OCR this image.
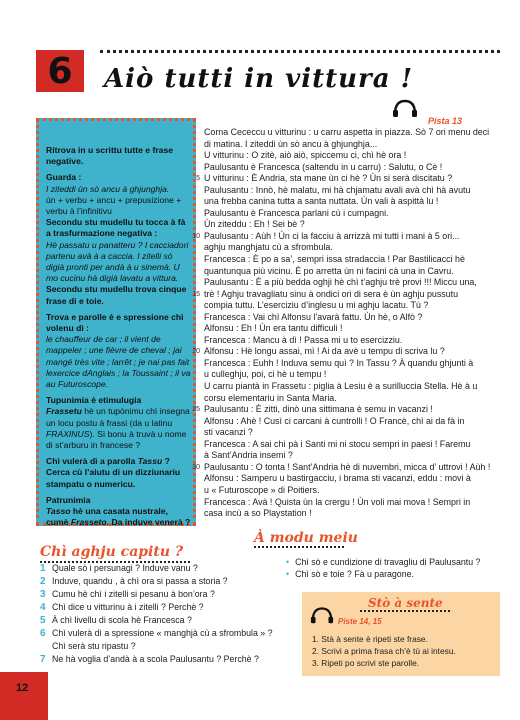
6	Aiò tutti in vittura !
Pista 13

Ritrova in u scrittu tutte e frase negative.

Guarda :
I ziteddi ùn sò ancu à ghjunghja.
ùn + verbu + ancu + prepusizione + verbu à l’infinitivu
Secondu stu mudellu tu tocca à fà a trasfurmazione negativa :
Hè passatu u panatteru ? I cacciadori partenu avà à a caccia. I zitelli sò digià pronti per andà à u sinemà. U mo cucinu hà digià lavatu a vittura.
Secondu stu mudellu trova cinque frase di e toie.

Trova e parolle è e spressione chì volenu dì :
le chauffeur de car ; il vient de mappeler ; une fièvre de cheval ; jai mangé très vite ; larrêt ; je nai pas fait lexercice dAnglais ; la Toussaint ; il va au Futuroscope.

Tupunimia è etimulugia
Frassetu hè un tupònimu chì insegna un locu postu à frassi (da u latinu FRAXINUS). Sì bonu à truvà u nome di st’arburu in francese ?

Chì vulerà dì a parolla Tassu ? Cerca cù l’aiutu di un dizziunariu stampatu o numericu.

Patrunimia
Tasso hè una casata nustrale, cumè Frasseto. Da induve venerà ?

Corna Cececcu u vitturinu : u carru aspetta in piazza. Sò 7 ori menu deci
di matina. I ziteddi ùn sò ancu à ghjunghja...
U vitturinu : O zitè, aiò aiò, spiccemu ci, chì hè ora !
Paulusantu è Francesca (saltendu in u carru) : Salutu, o Cè !
5 U vitturinu : È Andria, sta mane ùn ci hè ? Ùn si serà discitatu ?
Paulusantu : Innò, hè malatu, mi hà chjamatu avali avà chì hà avutu
una frebba canina tutta a santa nuttata. Ùn vali à aspittà lu !
Paulusantu è Francesca parlani cù i cumpagni.
Ùn ziteddu : Eh ! Sei bè ?
10 Paulusantu : Aùh ! Ùn ci la facciu à arrizzà mi tutti i mani à 5 ori...
aghju manghjatu cù a sfrombula.
Francesca : È po a sa’, sempri issa stradaccia ! Par Bastilicacci hè
quantunqua più vicinu. È po arretta ùn ni facini cà una in Cavru.
Paulusantu : È a più bedda oghji hè chì t’aghju trè provi !!! Miccu una,
15 trè ! Aghju travagliatu sinu à ondici ori di sera è ùn aghju pussutu
compia tuttu. L’eserciziu d’inglesu u mi aghju lacatu. Tù ?
Francesca : Vai chì Alfonsu l’avarà fattu. Ùn hè, o Alfò ?
Alfonsu : Eh ! Ùn era tantu difficuli !
Francesca : Mancu à dì ! Passa mi u to esercizziu.
20 Alfonsu : Hè longu assai, mì ! Ai da avè u tempu di scriva lu ?
Francesca : Euhh ! Induva semu quì ? In Tassu ? À quandu ghjunti à
u culleghju, poi, ci hè u tempu !
U carru piantà in Frassetu : piglia à Lesiu è a surilluccia Stella. Hè à u
corsu elementariu in Santa Maria.
25 Paulusantu : È zitti, dinò una sittimana è semu in vacanzi !
Alfonsu : Ahè ! Cusì ci carcani à cuntrolli ! O Francè, chì ai da fà in
sti vacanzi ?
Francesca : A sai chì pà i Santi mi ni stocu sempri in paesi ! Faremu
à Sant’Andria insemi ?
30 Paulusantu : O tonta ! Sant’Andria hè di nuvembri, micca d’ uttrovi ! Aùh !
Alfonsu : Samperu u bastirgacciu, i brama sti vacanzi, eddu : movi à
u « Futuroscope » di Poitiers.
Francesca : Avà ! Quista ùn la crergu ! Ùn voli mai mova ! Sempri in
casa incù a so Playstation !
Chì aghju capitu ?
1 Quale sò i persunagi ? Induve vanu ?
2 Induve, quandu , à chì ora si passa a storia ?
3 Cumu hè chì i zitelli si pesanu à bon’ora ?
4 Chì dice u vitturinu à i zitelli ? Perchè ?
5 À chì livellu di scola hè Francesca ?
6 Chì vulerà dì a spressione « manghjà cù a sfrombula » ?
Chì serà stu ripastu ?
7 Ne hà voglia d’andà à a scola Paulusantu ? Perchè ?
À modu meiu
• Chì sò e cundizione di travagliu di Paulusantu ?
• Chì sò e toie ? Fà u paragone.
Stò à sente
Piste 14, 15
1. Stà à sente è ripeti ste frase.
2. Scrivi a prima frasa ch’è tù ai intesu.
3. Ripeti po scrivi ste parolle.
12
